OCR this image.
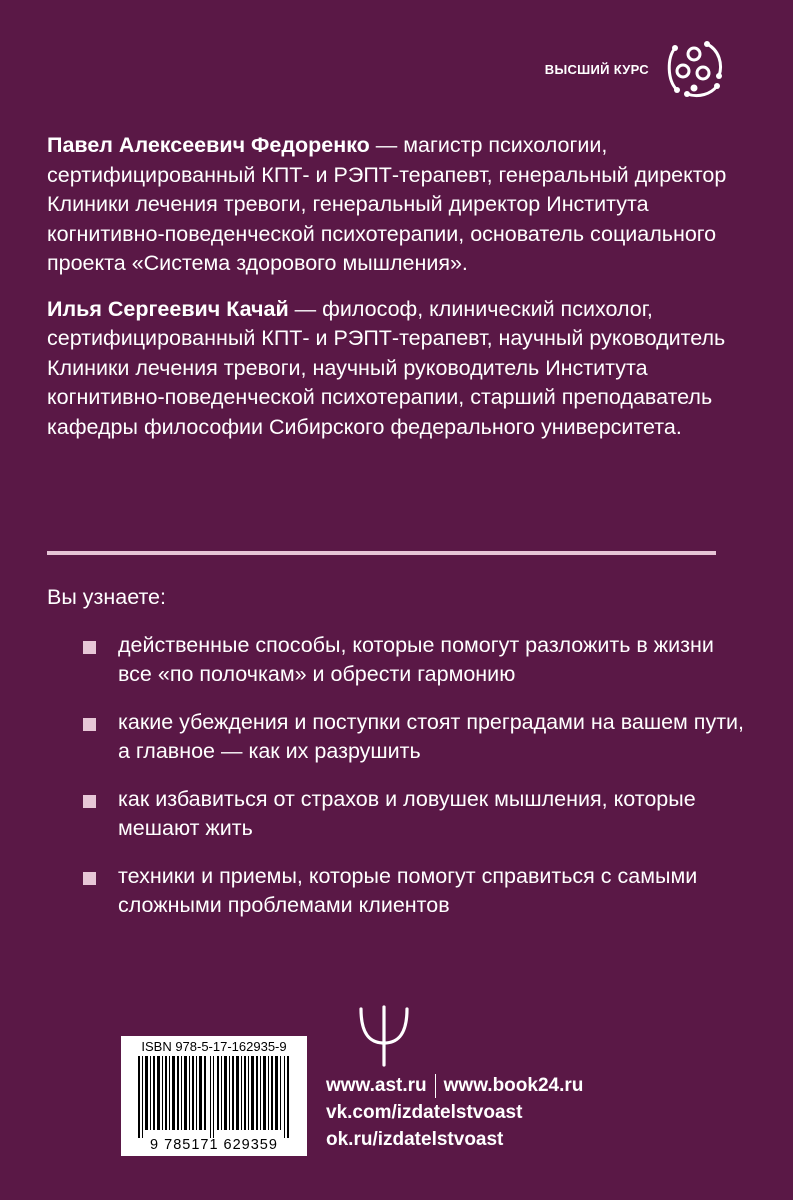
ВЫСШИЙ КУРС

Павел Алексеевич Федоренко — магистр психологии, сертифицированный КПТ- и РЭПТ-терапевт, генеральный директор Клиники лечения тревоги, генеральный директор Института когнитивно-поведенческой психотерапии, основатель социального проекта «Система здорового мышления».

Илья Сергеевич Качай — философ, клинический психолог, сертифицированный КПТ- и РЭПТ-терапевт, научный руководитель Клиники лечения тревоги, научный руководитель Института когнитивно-поведенческой психотерапии, старший преподаватель кафедры философии Сибирского федерального университета.

Вы узнаете:

действенные способы, которые помогут разложить в жизни все «по полочкам» и обрести гармонию
какие убеждения и поступки стоят преградами на вашем пути, а главное — как их разрушить
как избавиться от страхов и ловушек мышления, которые мешают жить
техники и приемы, которые помогут справиться с самыми сложными проблемами клиентов
ISBN 978-5-17-162935-9
9 785171 629359
www.ast.ru www.book24.ru
vk.com/izdatelstvoast
ok.ru/izdatelstvoast
